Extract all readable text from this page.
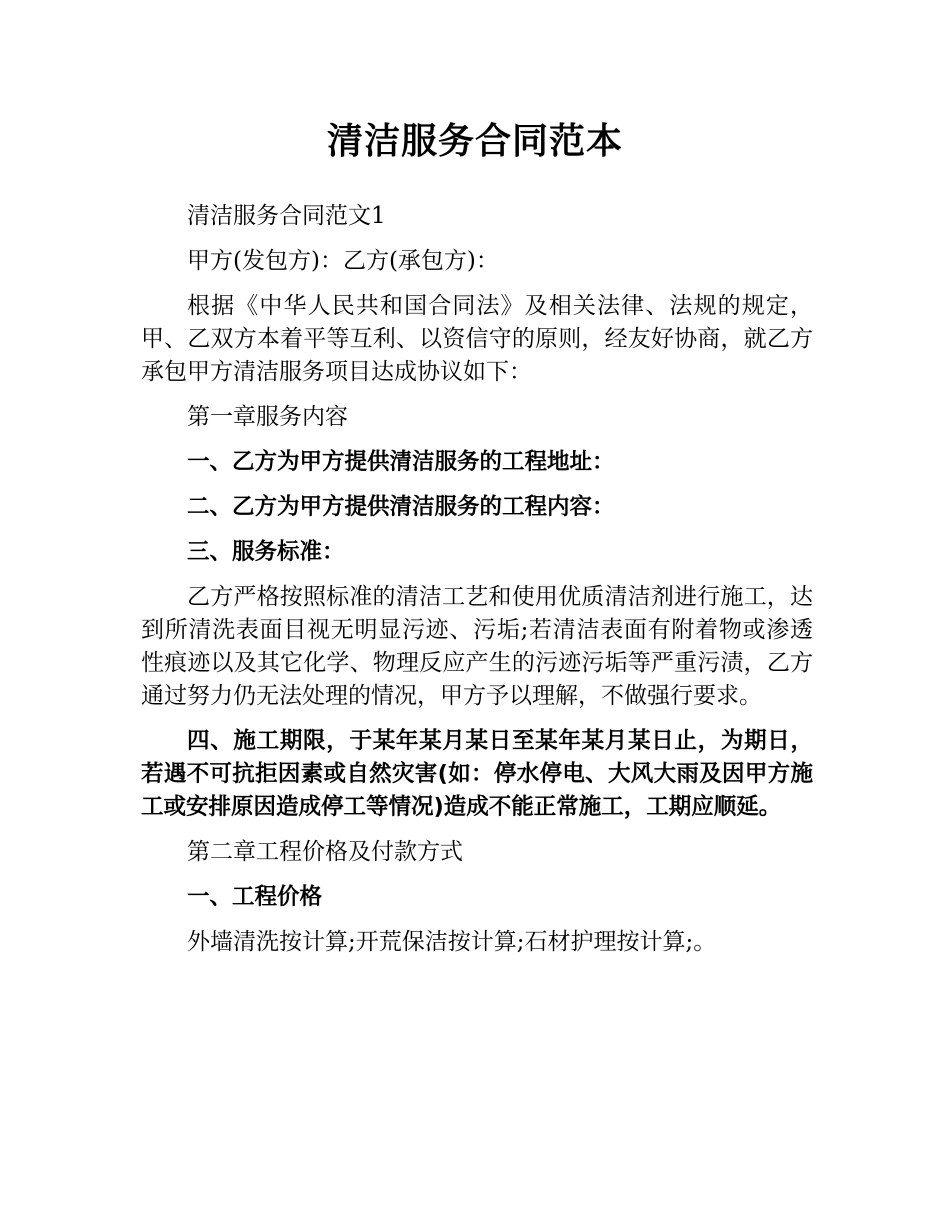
清洁服务合同范本

清洁服务合同范文1

甲方(发包方)：乙方(承包方)：

根据《中华人民共和国合同法》及相关法律、法规的规定，甲、乙双方本着平等互利、以资信守的原则，经友好协商，就乙方承包甲方清洁服务项目达成协议如下：

第一章服务内容

一、乙方为甲方提供清洁服务的工程地址：

二、乙方为甲方提供清洁服务的工程内容：

三、服务标准：

乙方严格按照标准的清洁工艺和使用优质清洁剂进行施工，达到所清洗表面目视无明显污迹、污垢;若清洁表面有附着物或渗透性痕迹以及其它化学、物理反应产生的污迹污垢等严重污渍，乙方通过努力仍无法处理的情况，甲方予以理解，不做强行要求。

四、施工期限，于某年某月某日至某年某月某日止，为期日，若遇不可抗拒因素或自然灾害(如：停水停电、大风大雨及因甲方施工或安排原因造成停工等情况)造成不能正常施工，工期应顺延。

第二章工程价格及付款方式

一、工程价格

外墙清洗按计算;开荒保洁按计算;石材护理按计算;。
